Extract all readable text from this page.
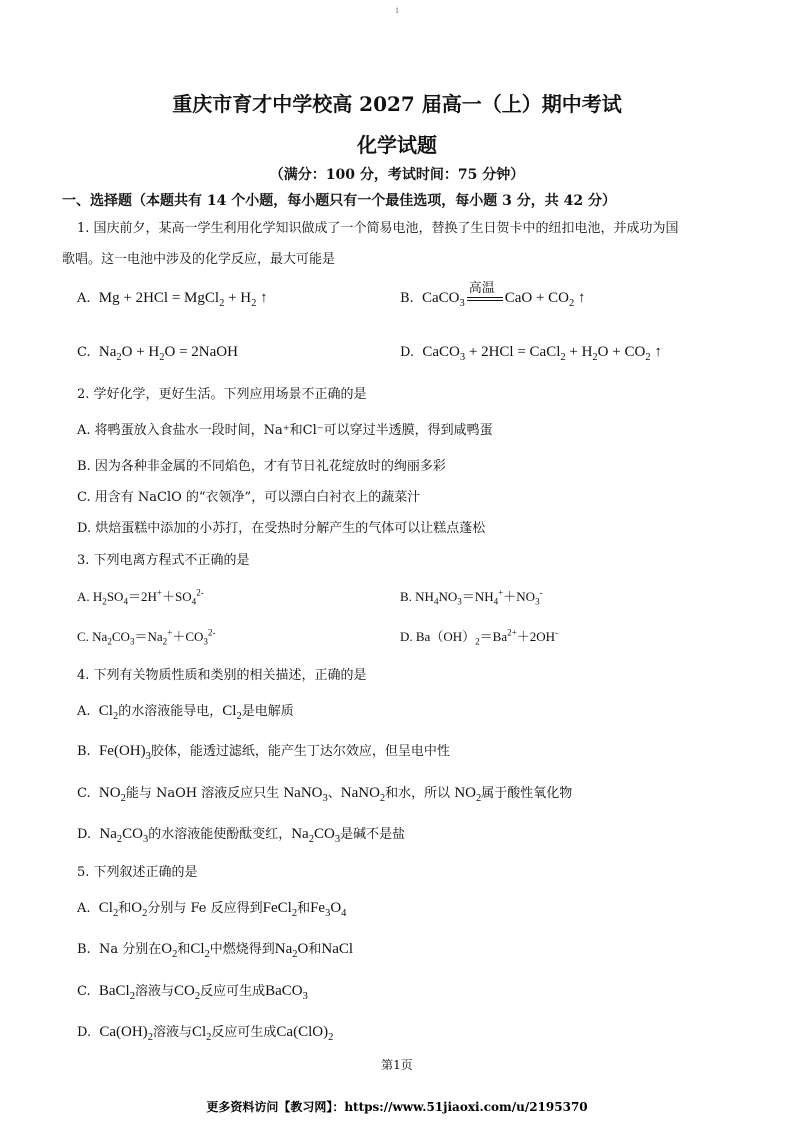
1
重庆市育才中学校高 2027 届高一（上）期中考试
化学试题
（满分：100 分，考试时间：75 分钟）
一、选择题（本题共有 14 个小题，每小题只有一个最佳选项，每小题 3 分，共 42 分）
1. 国庆前夕，某高一学生利用化学知识做成了一个简易电池，替换了生日贺卡中的纽扣电池，并成功为国
歌唱。这一电池中涉及的化学反应，最大可能是
A.  Mg + 2HCl = MgCl$_2$ + $H_2$ ↑	B.  CaCO$_3$
高温
CaO + $CO_2$ ↑
C.  $Na_2O + H_2O$ = 2NaOH	D.  CaCO$_3$ + 2HCl = CaCl$_2$ + $H_2O + CO_2$ ↑
2. 学好化学，更好生活。下列应用场景不正确的是
A. 将鸭蛋放入食盐水一段时间，Na⁺和Cl⁻可以穿过半透膜，得到咸鸭蛋
B. 因为各种非金属的不同焰色，才有节日礼花绽放时的绚丽多彩
C. 用含有 NaClO 的“衣领净”，可以漂白白衬衣上的蔬菜汁
D. 烘焙蛋糕中添加的小苏打，在受热时分解产生的气体可以让糕点蓬松
3. 下列电离方程式不正确的是
A. $H_2SO_4=2H^++SO_4^{2-}$	B. $NH_4NO_3=NH_4^++NO_3^-$
C. $Na_2CO_3=Na_2^++CO_3^{2-}$	D. $Ba(OH)_2=Ba^{2+}+2OH^-$
4. 下列有关物质性质和类别的相关描述，正确的是
A.  $Cl_2$的水溶液能导电，$Cl_2$是电解质
B.  $Fe(OH)_3$胶体，能透过滤纸，能产生丁达尔效应，但呈电中性
C.  $NO_2$能与 NaOH 溶液反应只生 NaNO$_3$、NaNO$_2$和水，所以 $NO_2$属于酸性氧化物
D.  $Na_2CO_3$的水溶液能使酚酞变红，$Na_2CO_3$是碱不是盐
5. 下列叙述正确的是
A.  $Cl_2$和$O_2$分别与 Fe 反应得到FeCl$_2$和$Fe_3O_4$
B.  Na 分别在$O_2$和$Cl_2$中燃烧得到$Na_2O$和NaCl
C.  BaCl$_2$溶液与$CO_2$反应可生成BaCO$_3$
D.  $Ca(OH)_2$溶液与$Cl_2$反应可生成$Ca(ClO)_2$
第1页
更多资料访问【教习网】：https://www.51jiaoxi.com/u/2195370
